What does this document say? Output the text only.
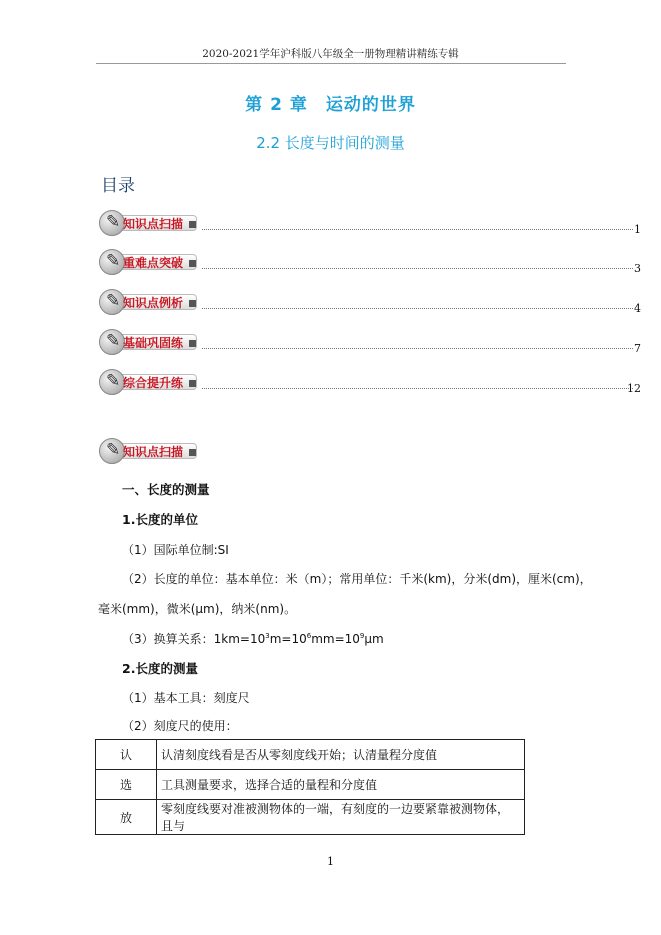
2020-2021学年沪科版八年级全一册物理精讲精练专辑
第 2 章　运动的世界
2.2 长度与时间的测量
目录
✎ 知识点扫描	1
✎ 重难点突破	3
✎ 知识点例析	4
✎ 基础巩固练	7
✎ 综合提升练	12
✎ 知识点扫描
一、长度的测量
1.长度的单位
（1）国际单位制:SI
（2）长度的单位：基本单位：米（m）；常用单位：千米(km)，分米(dm)，厘米(cm)，
毫米(mm)，微米(μm)，纳米(nm)。
（3）换算关系：$1km=10^3m=10^6mm=10^9\mu m$
2.长度的测量
（1）基本工具：刻度尺
（2）刻度尺的使用：
认	认清刻度线看是否从零刻度线开始；认清量程分度值
选	工具测量要求，选择合适的量程和分度值
放	零刻度线要对准被测物体的一端，有刻度的一边要紧靠被测物体，且与
1
